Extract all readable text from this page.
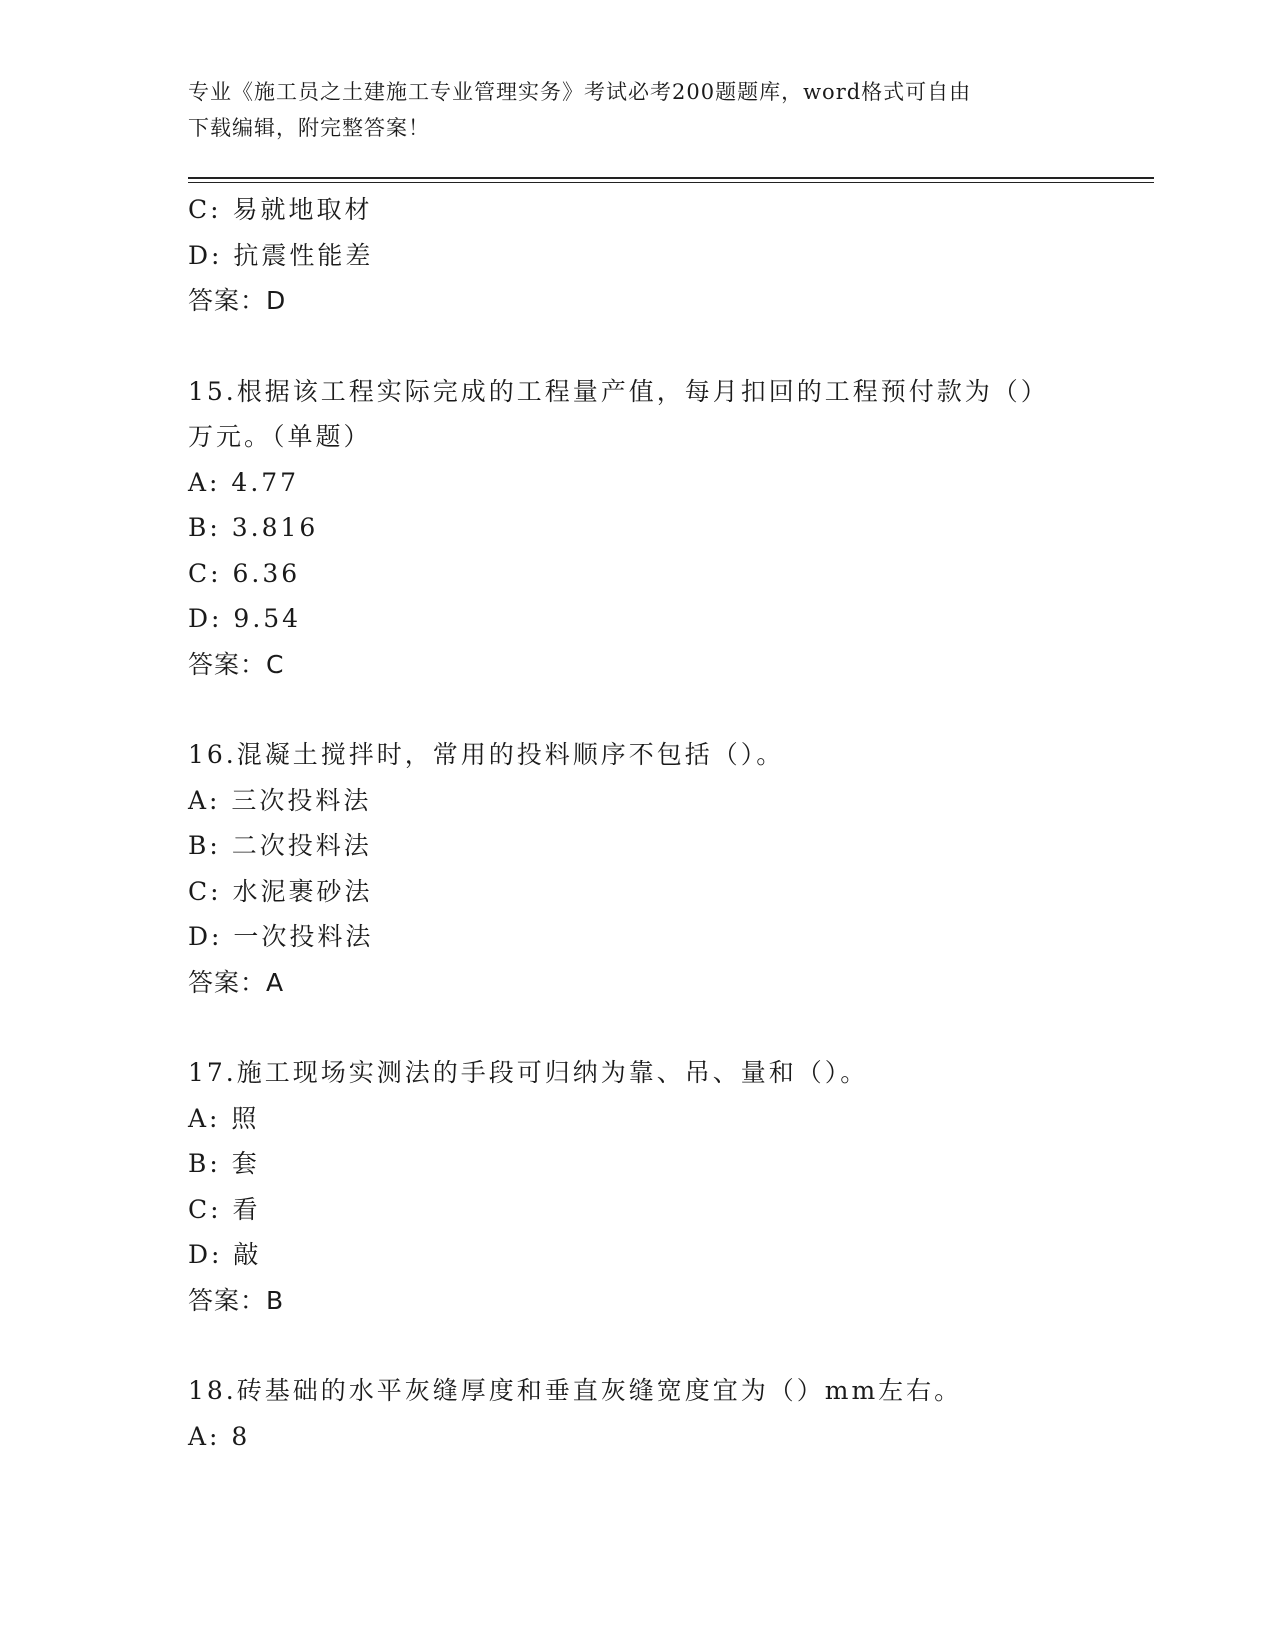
专业《施工员之土建施工专业管理实务》考试必考200题题库，word格式可自由
下载编辑，附完整答案！
C: 易就地取材
D: 抗震性能差
答案：D
15.根据该工程实际完成的工程量产值，每月扣回的工程预付款为（）
万元。（单题）
A: 4.77
B: 3.816
C: 6.36
D: 9.54
答案：C
16.混凝土搅拌时，常用的投料顺序不包括（）。
A: 三次投料法
B: 二次投料法
C: 水泥裹砂法
D: 一次投料法
答案：A
17.施工现场实测法的手段可归纳为靠、吊、量和（）。
A: 照
B: 套
C: 看
D: 敲
答案：B
18.砖基础的水平灰缝厚度和垂直灰缝宽度宜为（）mm左右。
A: 8
